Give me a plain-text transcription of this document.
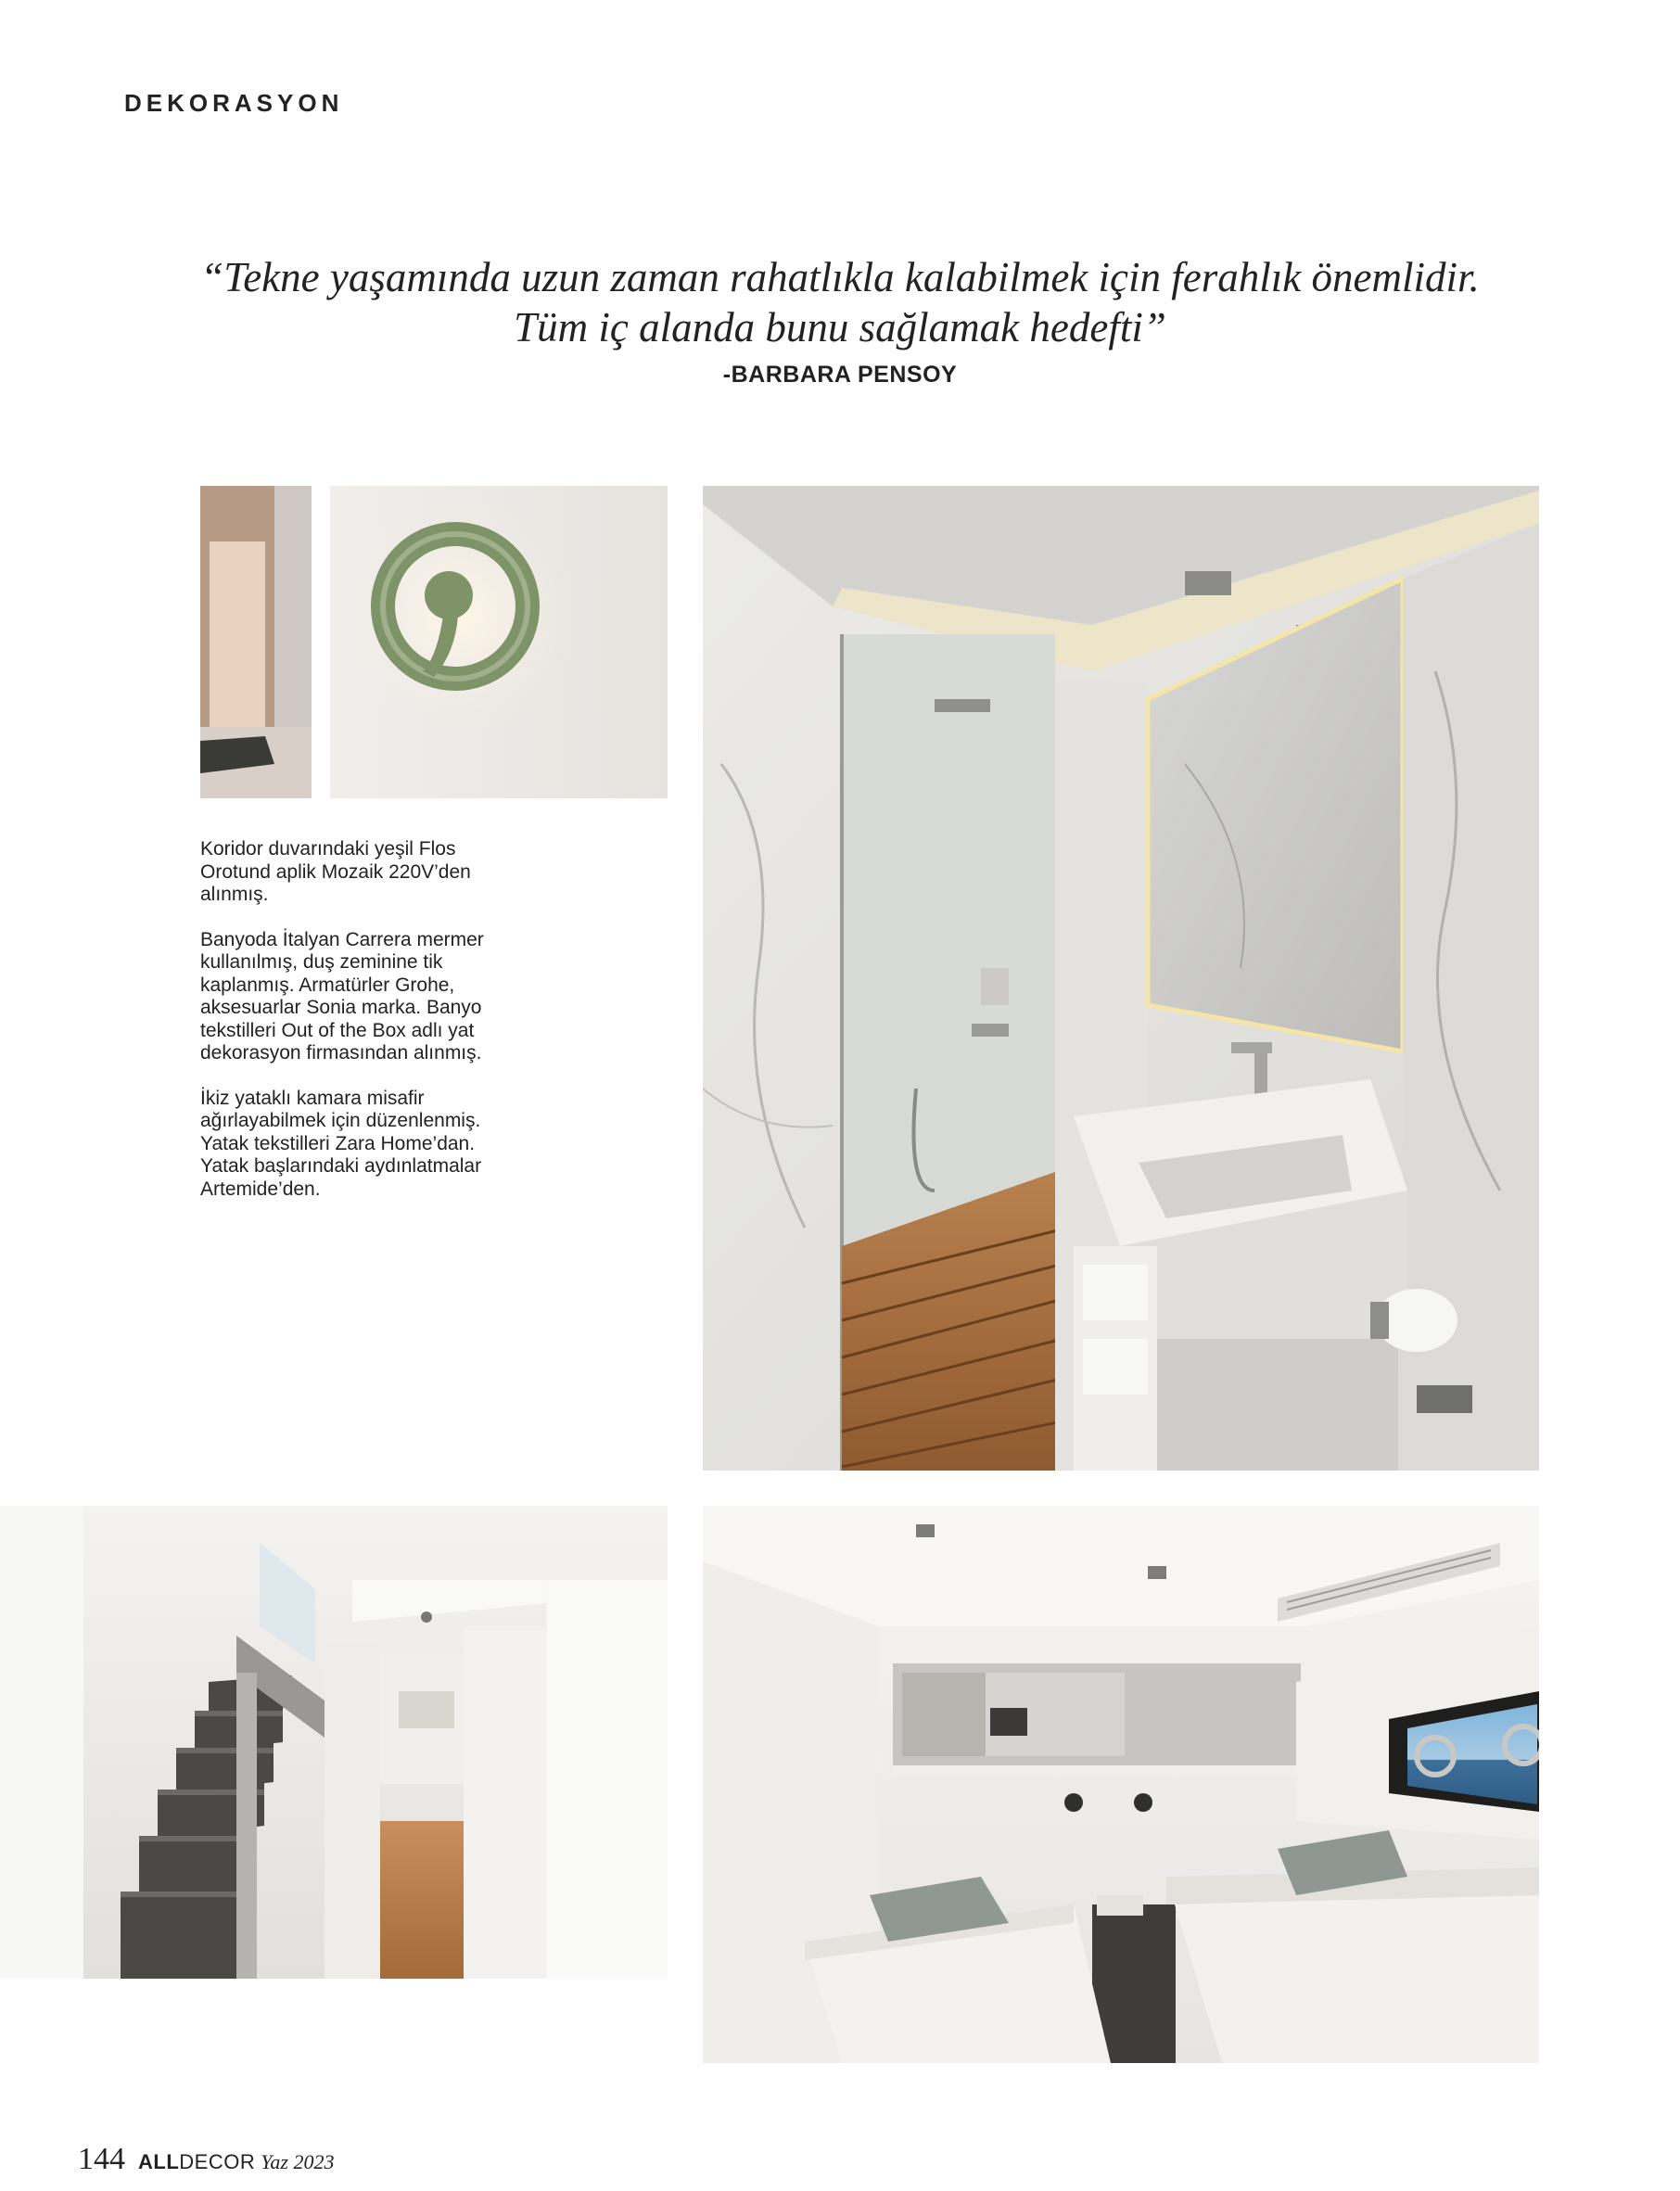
DEKORASYON
“Tekne yaşamında uzun zaman rahatlıkla kalabilmek için ferahlık önemlidir.
Tüm iç alanda bunu sağlamak hedefti”
-BARBARA PENSOY

Koridor duvarındaki yeşil Flos Orotund aplik Mozaik 220V’den alınmış.

Banyoda İtalyan Carrera mermer kullanılmış, duş zeminine tik kaplanmış. Armatürler Grohe, aksesuarlar Sonia marka. Banyo tekstilleri Out of the Box adlı yat dekorasyon firmasından alınmış.

İkiz yataklı kamara misafir ağırlayabilmek için düzenlenmiş. Yatak tekstilleri Zara Home’dan. Yatak başlarındaki aydınlatmalar Artemide’den.

144 ALLDECOR Yaz 2023
